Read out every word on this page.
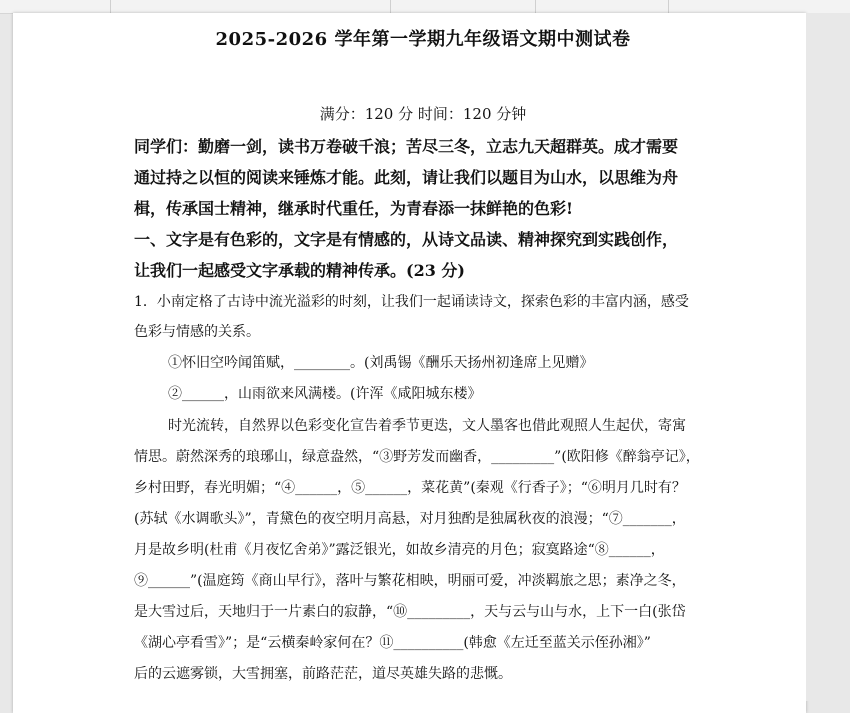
2025-2026 学年第一学期九年级语文期中测试卷
满分：120 分 时间：120 分钟
同学们：勤磨一剑，读书万卷破千浪；苦尽三冬，立志九天超群英。成才需要
通过持之以恒的阅读来锤炼才能。此刻，请让我们以题目为山水，以思维为舟
楫，传承国士精神，继承时代重任，为青春添一抹鲜艳的色彩!
一、文字是有色彩的，文字是有情感的，从诗文品读、精神探究到实践创作，
让我们一起感受文字承载的精神传承。(23 分)
1．小南定格了古诗中流光溢彩的时刻，让我们一起诵读诗文，探索色彩的丰富内涵，感受
色彩与情感的关系。
①怀旧空吟闻笛赋，________。(刘禹锡《酬乐天扬州初逢席上见赠》
②______，山雨欲来风满楼。(许浑《咸阳城东楼》
时光流转，自然界以色彩变化宣告着季节更迭，文人墨客也借此观照人生起伏，寄寓
情思。蔚然深秀的琅琊山，绿意盎然，“③野芳发而幽香，_________”(欧阳修《醉翁亭记》，
乡村田野，春光明媚；“④______，⑤______，菜花黄”(秦观《行香子》；“⑥明月几时有？
(苏轼《水调歌头》”，青黛色的夜空明月高悬，对月独酌是独属秋夜的浪漫；“⑦_______，
月是故乡明(杜甫《月夜忆舍弟》”露泛银光，如故乡清亮的月色；寂寞路途“⑧______，
⑨______”(温庭筠《商山早行》，落叶与繁花相映，明丽可爱，冲淡羁旅之思；素净之冬，
是大雪过后，天地归于一片素白的寂静，“⑩_________，天与云与山与水，上下一白(张岱
《湖心亭看雪》”；是“云横秦岭家何在？⑪__________(韩愈《左迁至蓝关示侄孙湘》”
后的云遮雾锁，大雪拥塞，前路茫茫，道尽英雄失路的悲慨。
